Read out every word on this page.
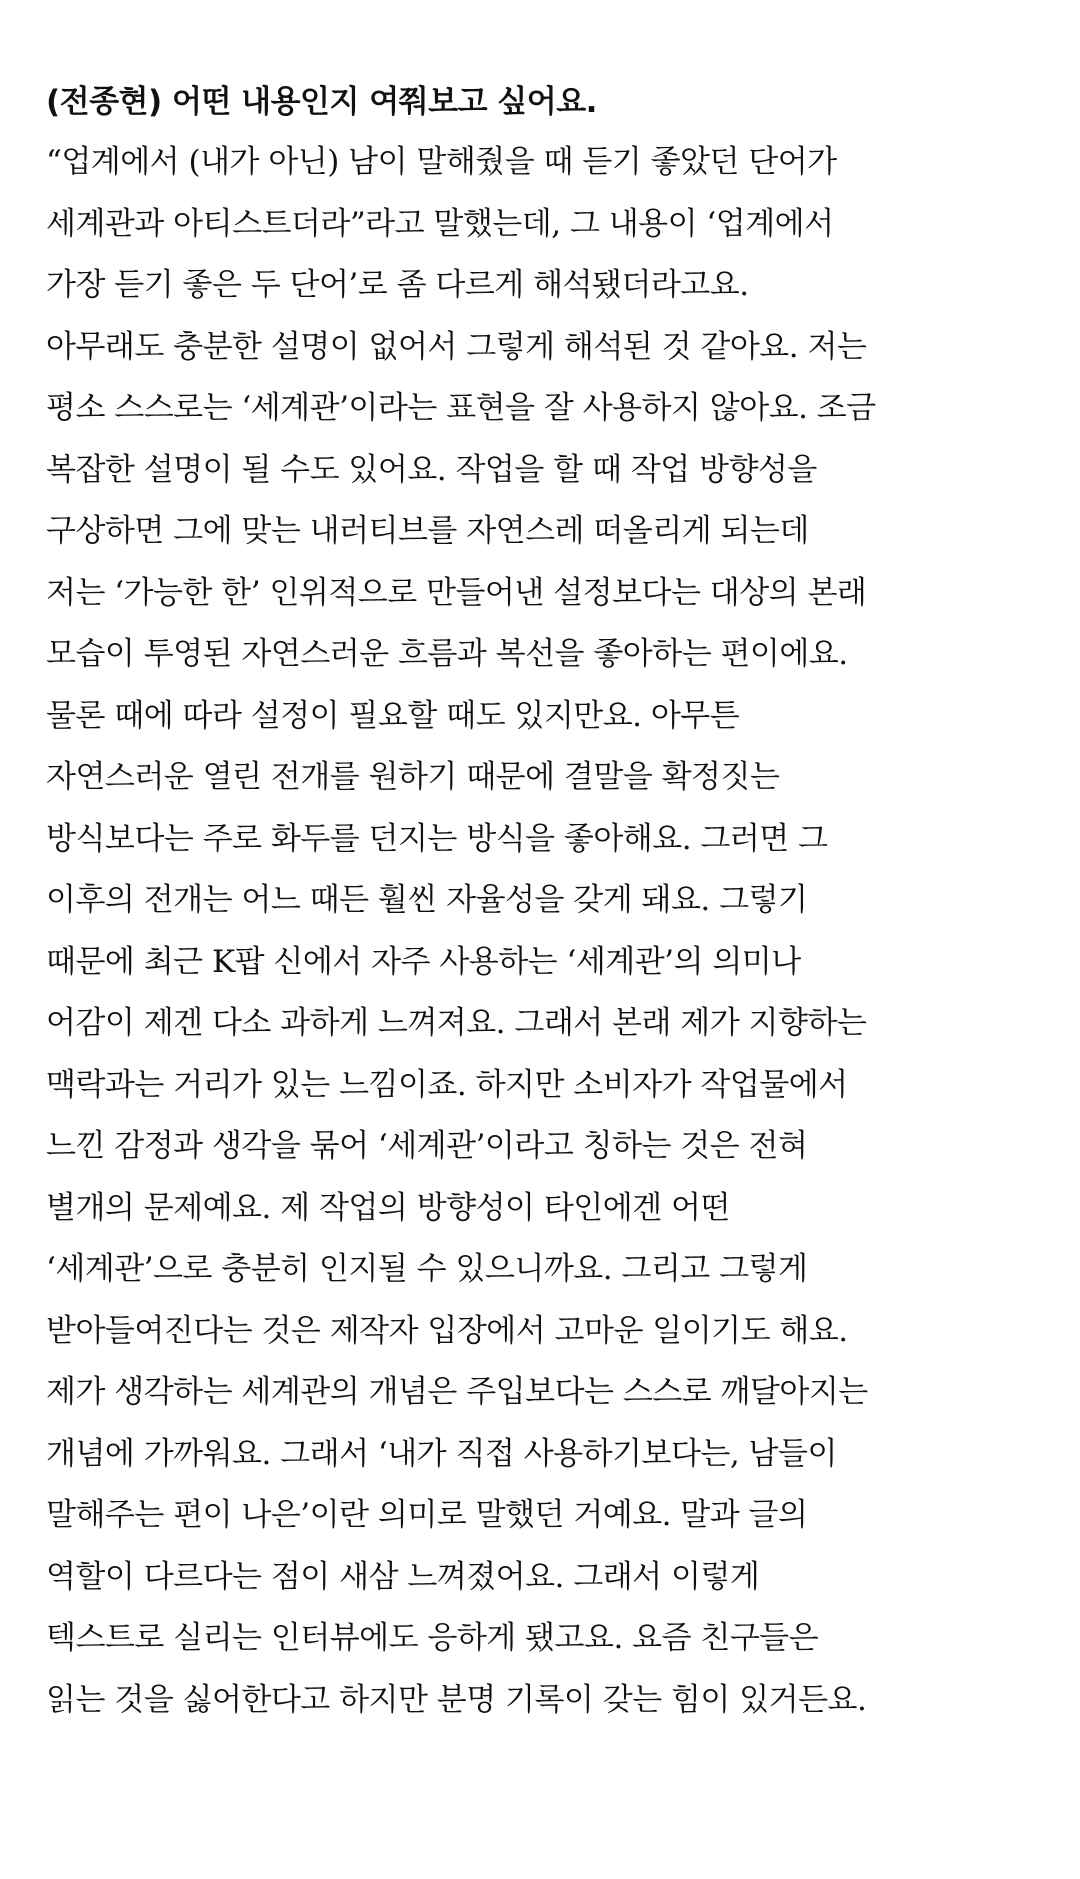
(전종현) 어떤 내용인지 여쭤보고 싶어요.
“업계에서 (내가 아닌) 남이 말해줬을 때 듣기 좋았던 단어가
세계관과 아티스트더라”라고 말했는데, 그 내용이 ‘업계에서
가장 듣기 좋은 두 단어’로 좀 다르게 해석됐더라고요.
아무래도 충분한 설명이 없어서 그렇게 해석된 것 같아요. 저는
평소 스스로는 ‘세계관’이라는 표현을 잘 사용하지 않아요. 조금
복잡한 설명이 될 수도 있어요. 작업을 할 때 작업 방향성을
구상하면 그에 맞는 내러티브를 자연스레 떠올리게 되는데
저는 ‘가능한 한’ 인위적으로 만들어낸 설정보다는 대상의 본래
모습이 투영된 자연스러운 흐름과 복선을 좋아하는 편이에요.
물론 때에 따라 설정이 필요할 때도 있지만요. 아무튼
자연스러운 열린 전개를 원하기 때문에 결말을 확정짓는
방식보다는 주로 화두를 던지는 방식을 좋아해요. 그러면 그
이후의 전개는 어느 때든 훨씬 자율성을 갖게 돼요. 그렇기
때문에 최근 K팝 신에서 자주 사용하는 ‘세계관’의 의미나
어감이 제겐 다소 과하게 느껴져요. 그래서 본래 제가 지향하는
맥락과는 거리가 있는 느낌이죠. 하지만 소비자가 작업물에서
느낀 감정과 생각을 묶어 ‘세계관’이라고 칭하는 것은 전혀
별개의 문제예요. 제 작업의 방향성이 타인에겐 어떤
‘세계관’으로 충분히 인지될 수 있으니까요. 그리고 그렇게
받아들여진다는 것은 제작자 입장에서 고마운 일이기도 해요.
제가 생각하는 세계관의 개념은 주입보다는 스스로 깨달아지는
개념에 가까워요. 그래서 ‘내가 직접 사용하기보다는, 남들이
말해주는 편이 나은’이란 의미로 말했던 거예요. 말과 글의
역할이 다르다는 점이 새삼 느껴졌어요. 그래서 이렇게
텍스트로 실리는 인터뷰에도 응하게 됐고요. 요즘 친구들은
읽는 것을 싫어한다고 하지만 분명 기록이 갖는 힘이 있거든요.
